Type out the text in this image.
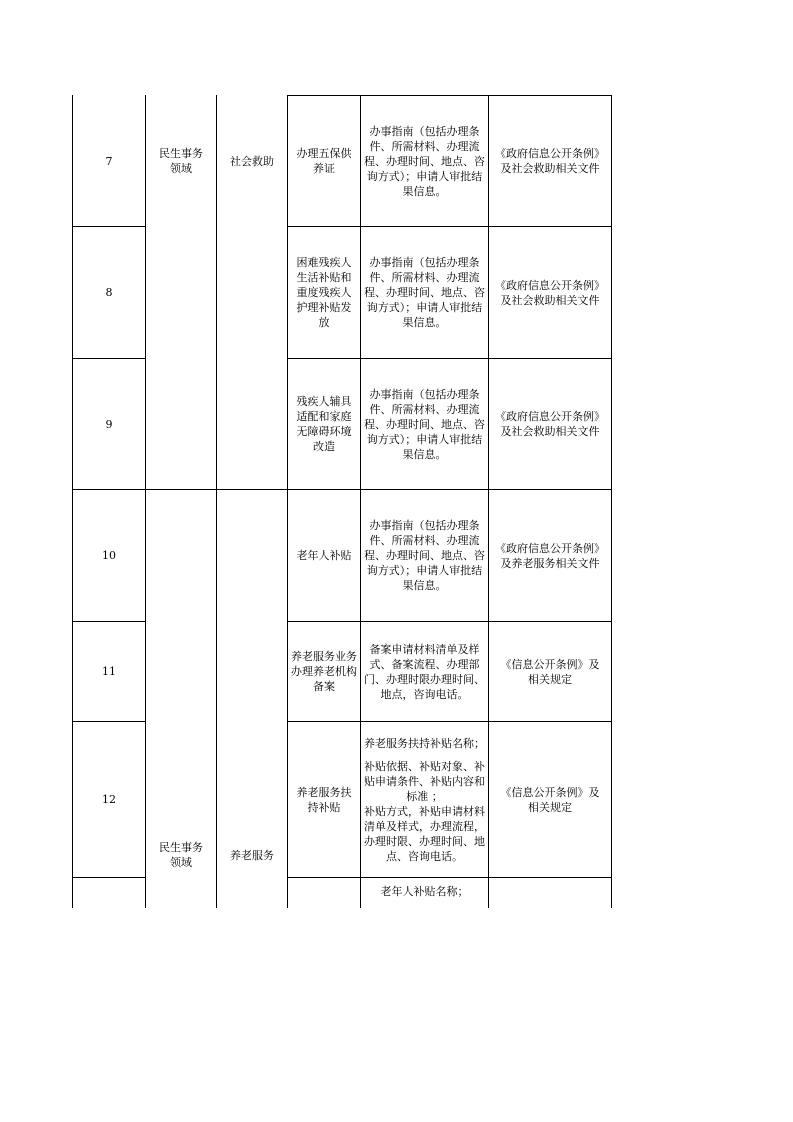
7
办理五保供养证
办事指南（包括办理条件、所需材料、办理流程、办理时间、地点、咨询方式）；申请人审批结果信息。
《政府信息公开条例》及社会救助相关文件
8
困难残疾人生活补贴和重度残疾人护理补贴发放
办事指南（包括办理条件、所需材料、办理流程、办理时间、地点、咨询方式）；申请人审批结果信息。
《政府信息公开条例》及社会救助相关文件
9
残疾人辅具适配和家庭无障碍环境改造
办事指南（包括办理条件、所需材料、办理流程、办理时间、地点、咨询方式）；申请人审批结果信息。
《政府信息公开条例》及社会救助相关文件
民生事务领域
社会救助
10	老年人补贴
办事指南（包括办理条件、所需材料、办理流程、办理时间、地点、咨询方式）；申请人审批结果信息。
《政府信息公开条例》及养老服务相关文件
11
养老服务业务办理养老机构备案
备案申请材料清单及样式、备案流程、办理部门、办理时限办理时间、地点，咨询电话。
《信息公开条例》及相关规定
12
养老服务扶持补贴
养老服务扶持补贴名称；
补贴依据、补贴对象、补贴申请条件、补贴内容和标准 ；
补贴方式，补贴申请材料清单及样式，办理流程，办理时限、办理时间、地点、咨询电话。
《信息公开条例》及相关规定
民生事务领域
养老服务
老年人补贴名称；
